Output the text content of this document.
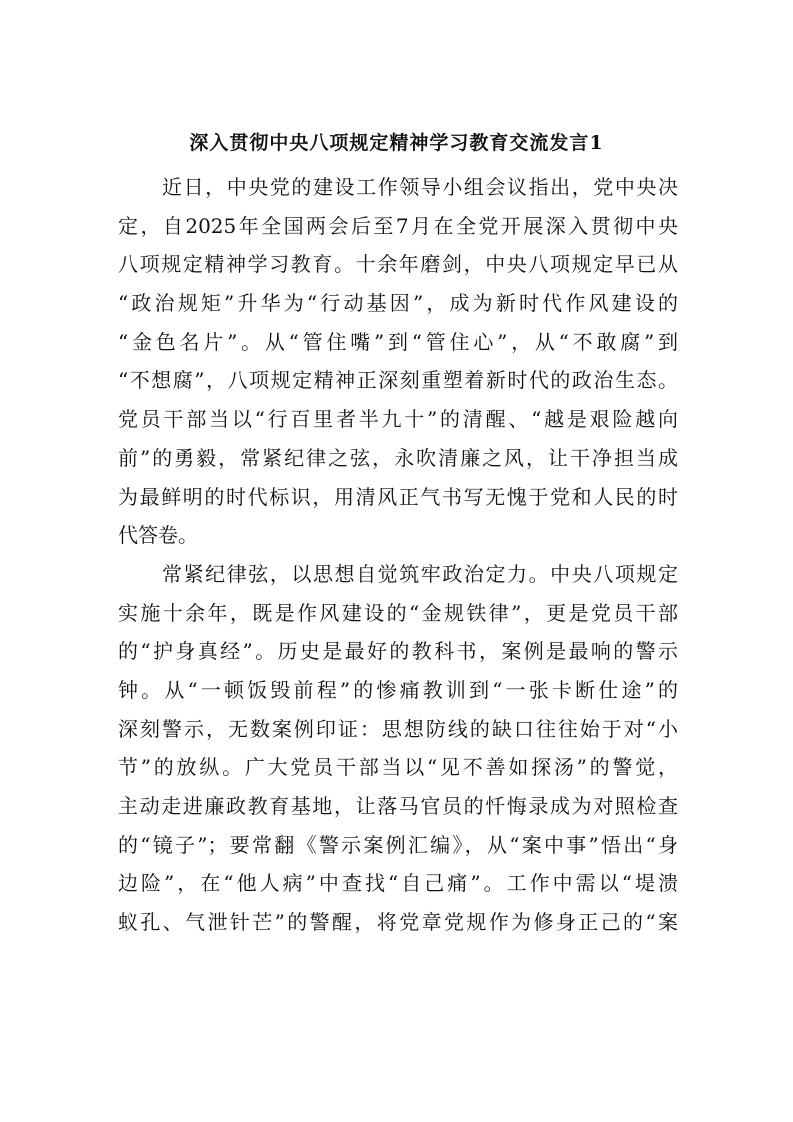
深入贯彻中央八项规定精神学习教育交流发言1
近日，中央党的建设工作领导小组会议指出，党中央决
定，自2025年全国两会后至7月在全党开展深入贯彻中央
八项规定精神学习教育。十余年磨剑，中央八项规定早已从
“政治规矩”升华为“行动基因”，成为新时代作风建设的
“金色名片”。从“管住嘴”到“管住心”，从“不敢腐”到
“不想腐”，八项规定精神正深刻重塑着新时代的政治生态。
党员干部当以“行百里者半九十”的清醒、“越是艰险越向
前”的勇毅，常紧纪律之弦，永吹清廉之风，让干净担当成
为最鲜明的时代标识，用清风正气书写无愧于党和人民的时
代答卷。
常紧纪律弦，以思想自觉筑牢政治定力。中央八项规定
实施十余年，既是作风建设的“金规铁律”，更是党员干部
的“护身真经”。历史是最好的教科书，案例是最响的警示
钟。从“一顿饭毁前程”的惨痛教训到“一张卡断仕途”的
深刻警示，无数案例印证：思想防线的缺口往往始于对“小
节”的放纵。广大党员干部当以“见不善如探汤”的警觉，
主动走进廉政教育基地，让落马官员的忏悔录成为对照检查
的“镜子”；要常翻《警示案例汇编》，从“案中事”悟出“身
边险”，在“他人病”中查找“自己痛”。工作中需以“堤溃
蚁孔、气泄针芒”的警醒，将党章党规作为修身正己的“案
